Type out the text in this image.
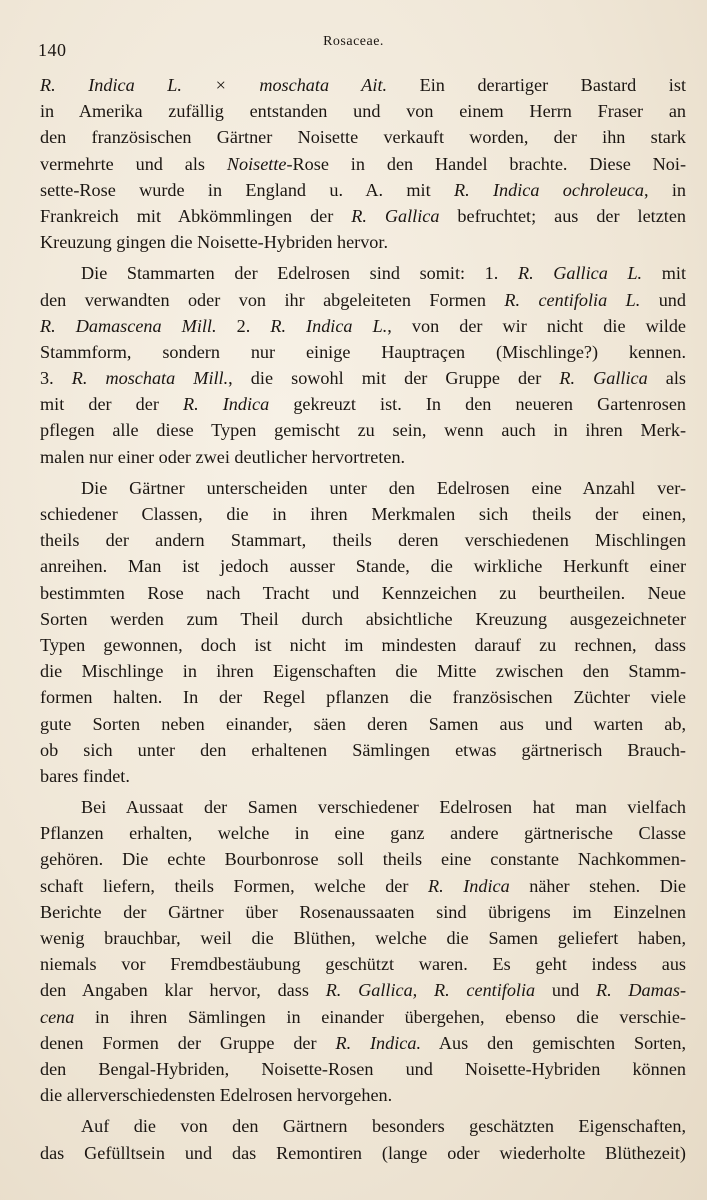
140	Rosaceae.
R. Indica L. × moschata Ait. Ein derartiger Bastard ist
in Amerika zufällig entstanden und von einem Herrn Fraser an
den französischen Gärtner Noisette verkauft worden, der ihn stark
vermehrte und als Noisette-Rose in den Handel brachte. Diese Noi-
sette-Rose wurde in England u. A. mit R. Indica ochroleuca, in
Frankreich mit Abkömmlingen der R. Gallica befruchtet; aus der letzten
Kreuzung gingen die Noisette-Hybriden hervor.
Die Stammarten der Edelrosen sind somit: 1. R. Gallica L. mit
den verwandten oder von ihr abgeleiteten Formen R. centifolia L. und
R. Damascena Mill. 2. R. Indica L., von der wir nicht die wilde
Stammform, sondern nur einige Hauptraçen (Mischlinge?) kennen.
3. R. moschata Mill., die sowohl mit der Gruppe der R. Gallica als
mit der der R. Indica gekreuzt ist. In den neueren Gartenrosen
pflegen alle diese Typen gemischt zu sein, wenn auch in ihren Merk-
malen nur einer oder zwei deutlicher hervortreten.
Die Gärtner unterscheiden unter den Edelrosen eine Anzahl ver-
schiedener Classen, die in ihren Merkmalen sich theils der einen,
theils der andern Stammart, theils deren verschiedenen Mischlingen
anreihen. Man ist jedoch ausser Stande, die wirkliche Herkunft einer
bestimmten Rose nach Tracht und Kennzeichen zu beurtheilen. Neue
Sorten werden zum Theil durch absichtliche Kreuzung ausgezeichneter
Typen gewonnen, doch ist nicht im mindesten darauf zu rechnen, dass
die Mischlinge in ihren Eigenschaften die Mitte zwischen den Stamm-
formen halten. In der Regel pflanzen die französischen Züchter viele
gute Sorten neben einander, säen deren Samen aus und warten ab,
ob sich unter den erhaltenen Sämlingen etwas gärtnerisch Brauch-
bares findet.
Bei Aussaat der Samen verschiedener Edelrosen hat man vielfach
Pflanzen erhalten, welche in eine ganz andere gärtnerische Classe
gehören. Die echte Bourbonrose soll theils eine constante Nachkommen-
schaft liefern, theils Formen, welche der R. Indica näher stehen. Die
Berichte der Gärtner über Rosenaussaaten sind übrigens im Einzelnen
wenig brauchbar, weil die Blüthen, welche die Samen geliefert haben,
niemals vor Fremdbestäubung geschützt waren. Es geht indess aus
den Angaben klar hervor, dass R. Gallica, R. centifolia und R. Damas-
cena in ihren Sämlingen in einander übergehen, ebenso die verschie-
denen Formen der Gruppe der R. Indica. Aus den gemischten Sorten,
den Bengal-Hybriden, Noisette-Rosen und Noisette-Hybriden können
die allerverschiedensten Edelrosen hervorgehen.
Auf die von den Gärtnern besonders geschätzten Eigenschaften,
das Gefülltsein und das Remontiren (lange oder wiederholte Blüthezeit)
